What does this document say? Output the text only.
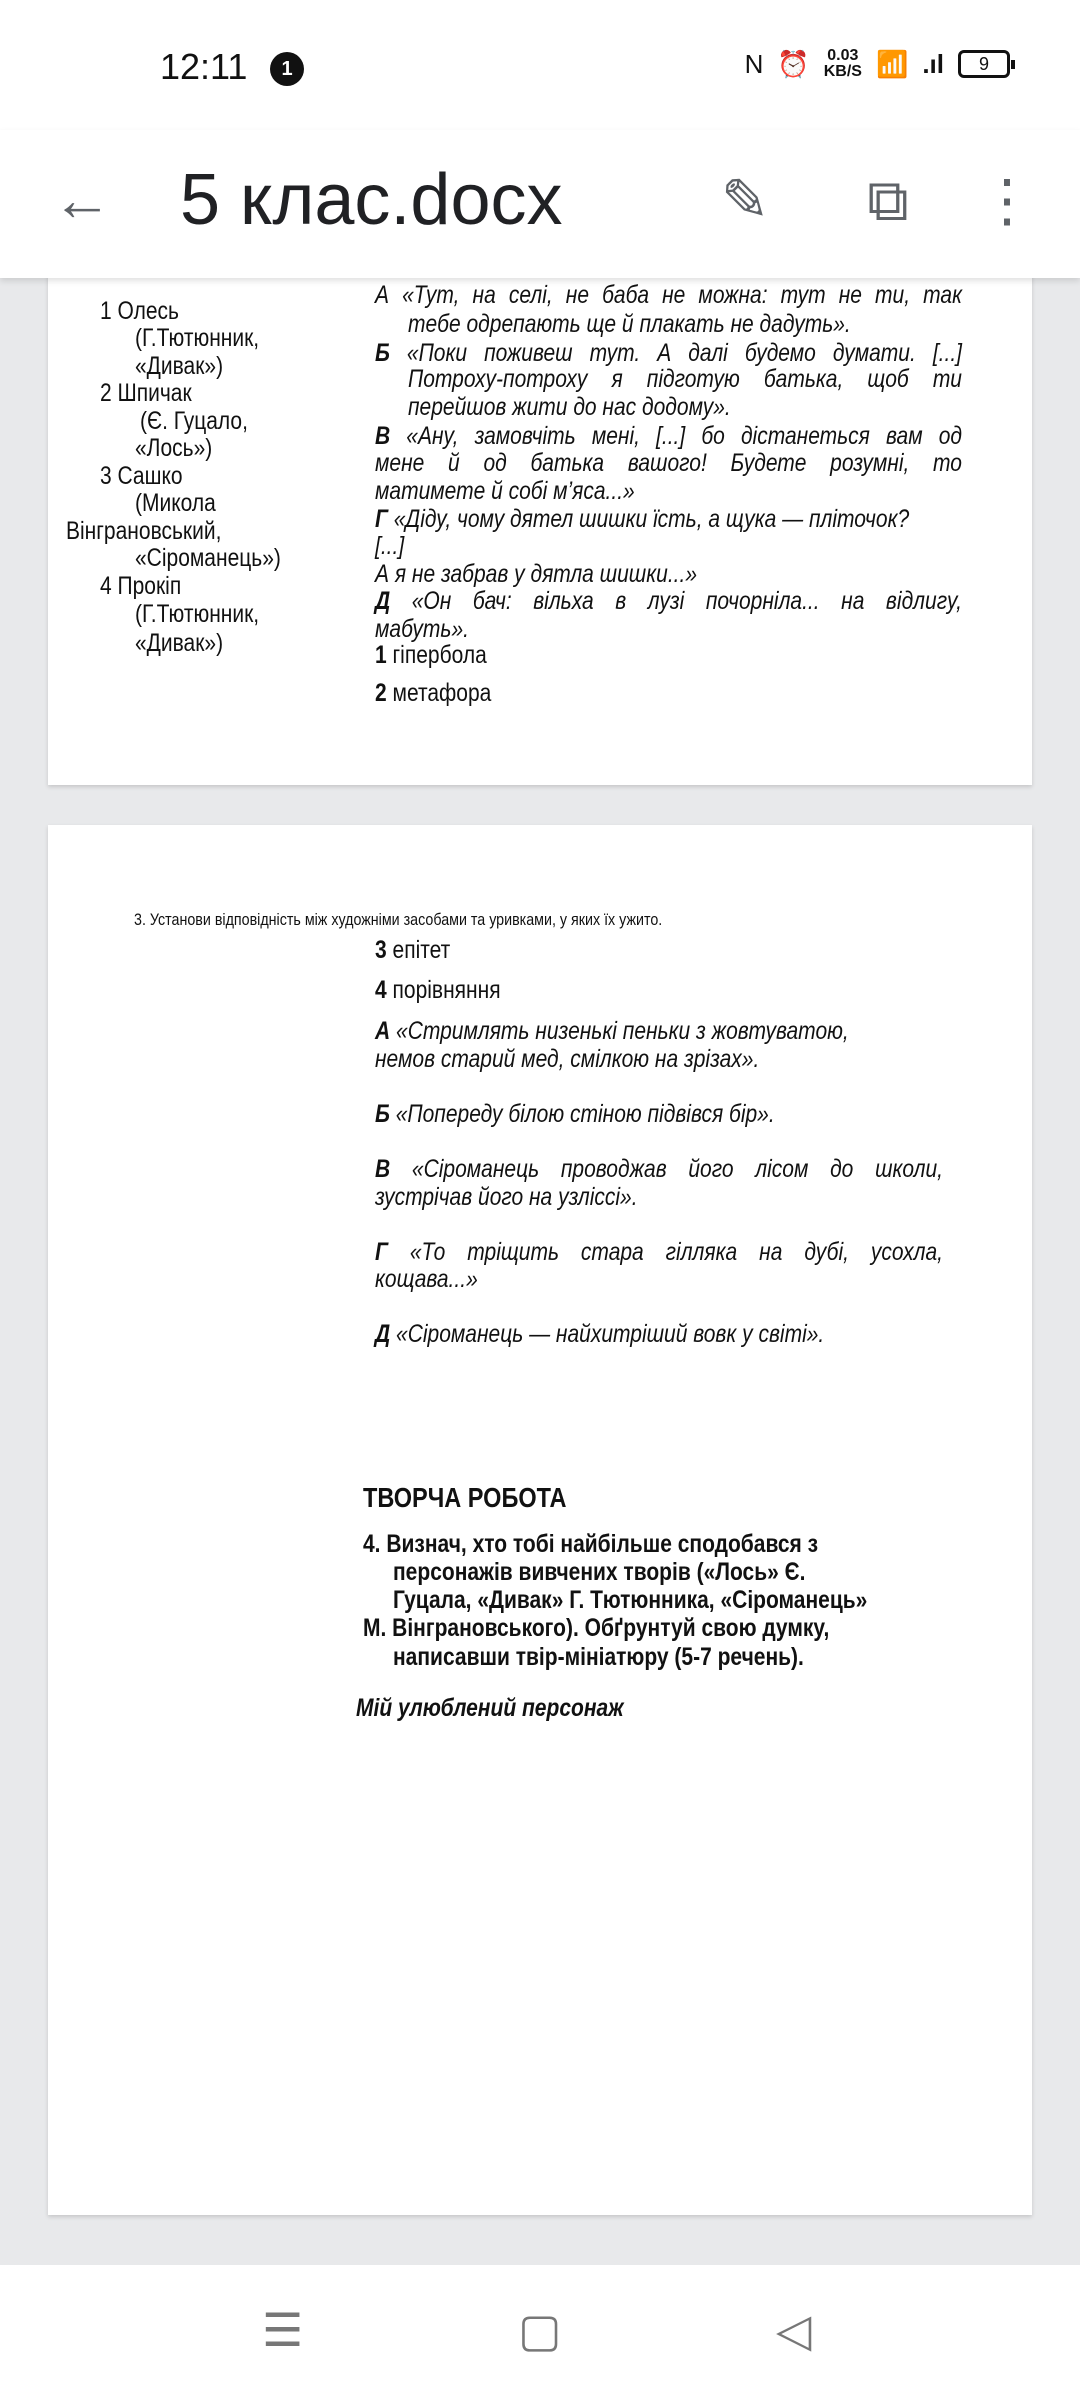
12:11	1	N ⏰ 0.03
KB/S 📶 .ıl	9
← 5 клас.docx	✎ ⧉ ⋮
А «Тут, на селі, не баба не можна: тут не ти, так
1 Олесь
(Г.Тютюнник,
«Дивак»)
2 Шпичак
(Є. Гуцало,
«Лось»)
3 Сашко
(Микола
Вінграновський,
«Сіроманець»)
4 Прокіп
(Г.Тютюнник,
«Дивак»)
тебе одрепають ще й плакать не дадуть».
Б «Поки поживеш тут. А далі будемо думати. [...]
Потроху-потроху я підготую батька, щоб ти
перейшов жити до нас додому».
В «Ану, замовчіть мені, [...] бо дістанеться вам од
мене й од батька вашого! Будете розумні, то
матимете й собі м’яса...»
Г «Діду, чому дятел шишки їсть, а щука — пліточок?
[...]
А я не забрав у дятла шишки...»
Д «Он бач: вільха в лузі почорніла... на відлигу,
мабуть».
1 гіпербола
2 метафора
3. Установи відповідність між художніми засобами та уривками, у яких їх ужито.
3 епітет
4 порівняння
А «Стримлять низенькі пеньки з жовтуватою,
немов старий мед, смілкою на зрізах».
Б «Попереду білою стіною підвівся бір».
В «Сіроманець проводжав його лісом до школи,
зустрічав його на узліссі».
Г «То тріщить стара гілляка на дубі, усохла,
кощава...»
Д «Сіроманець — найхитріший вовк у світі».
ТВОРЧА РОБОТА
4. Визнач, хто тобі найбільше сподобався з
персонажів вивчених творів («Лось» Є.
Гуцала, «Дивак» Г. Тютюнника, «Сіроманець»
М. Вінграновського). Обґрунтуй свою думку,
написавши твір-мініатюру (5-7 речень).
Мій улюблений персонаж
☰	▢	◁
